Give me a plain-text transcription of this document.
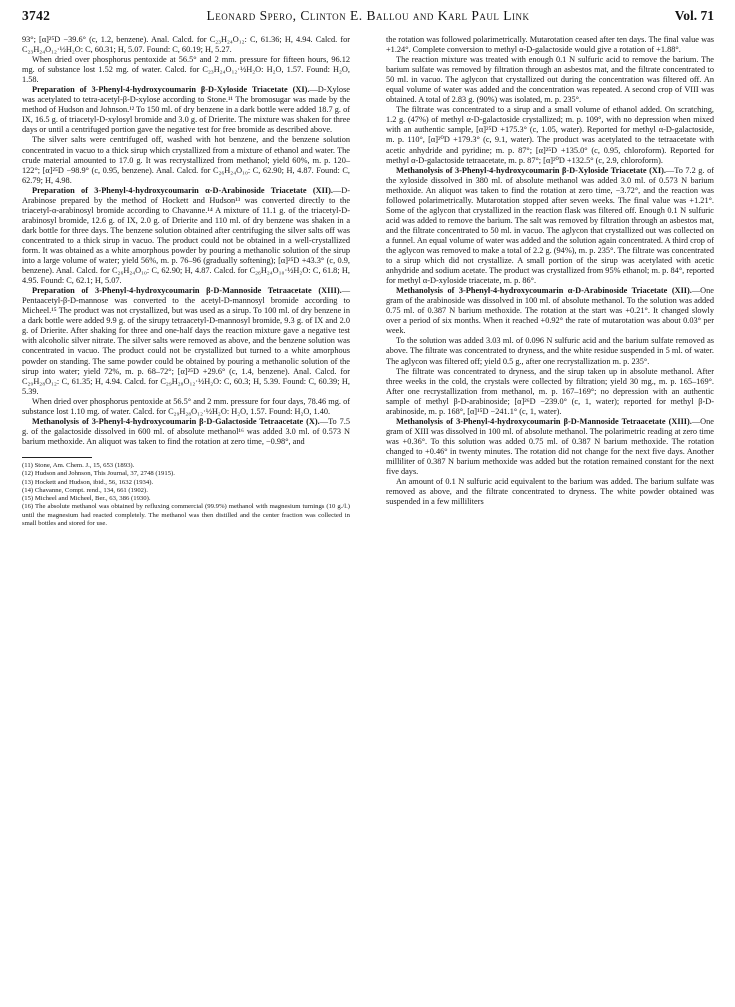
3742	Leonard Spero, Clinton E. Ballou and Karl Paul Link	Vol. 71

93°; [α]²⁵D −39.6° (c, 1.2, benzene). Anal. Calcd. for C₂₃H₂₄O₁₂: C, 61.36; H, 4.94. Calcd. for C₂₃H₂₄O₁₂·½H₂O: C, 60.31; H, 5.07. Found: C, 60.19; H, 5.27.

When dried over phosphorus pentoxide at 56.5° and 2 mm. pressure for fifteen hours, 96.12 mg. of substance lost 1.52 mg. of water. Calcd. for C₂₃H₂₄O₁₂·½H₂O: H₂O, 1.57. Found: H₂O, 1.58.

Preparation of 3-Phenyl-4-hydroxycoumarin β-D-Xyloside Triacetate (XI).—D-Xylose was acetylated to tetra-acetyl-β-D-xylose according to Stone.¹¹ The bromosugar was made by the method of Hudson and Johnson.¹² To 150 ml. of dry benzene in a dark bottle were added 18.7 g. of IX, 16.5 g. of triacetyl-D-xylosyl bromide and 3.0 g. of Drierite. The mixture was shaken for three days or until a centrifuged portion gave the negative test for free bromide as described above.

The silver salts were centrifuged off, washed with hot benzene, and the benzene solution concentrated in vacuo to a thick sirup which crystallized from a mixture of ethanol and water. The crude material amounted to 17.0 g. It was recrystallized from methanol; yield 60%, m. p. 120–122°; [α]²⁵D −98.9° (c, 0.95, benzene). Anal. Calcd. for C₂₆H₂₄O₁₀: C, 62.90; H, 4.87. Found: C, 62.79; H, 4.98.

Preparation of 3-Phenyl-4-hydroxycoumarin α-D-Arabinoside Triacetate (XII).—D-Arabinose prepared by the method of Hockett and Hudson¹³ was converted directly to the triacetyl-α-arabinosyl bromide according to Chavanne.¹⁴ A mixture of 11.1 g. of the triacetyl-D-arabinosyl bromide, 12.6 g. of IX, 2.0 g. of Drierite and 110 ml. of dry benzene was shaken in a dark bottle for three days. The benzene solution obtained after centrifuging the silver salts off was concentrated to a thick sirup in vacuo. The product could not be obtained in a well-crystallized form. It was obtained as a white amorphous powder by pouring a methanolic solution of the sirup into a large volume of water; yield 56%, m. p. 76–96 (gradually softening); [α]²⁵D +43.3° (c, 0.9, benzene). Anal. Calcd. for C₂₆H₂₄O₁₀: C, 62.90; H, 4.87. Calcd. for C₂₆H₂₄O₁₀·½H₂O: C, 61.8; H, 4.95. Found: C, 62.1; H, 5.07.

Preparation of 3-Phenyl-4-hydroxycoumarin β-D-Mannoside Tetraacetate (XIII).—Pentaacetyl-β-D-mannose was converted to the acetyl-D-mannosyl bromide according to Micheel.¹⁵ The product was not crystallized, but was used as a sirup. To 100 ml. of dry benzene in a dark bottle were added 9.9 g. of the sirupy tetraacetyl-D-mannosyl bromide, 9.3 g. of IX and 2.0 g. of Drierite. After shaking for three and one-half days the reaction mixture gave a negative test with alcoholic silver nitrate. The silver salts were removed as above, and the benzene solution was concentrated in vacuo. The product could not be crystallized but turned to a white amorphous powder on standing. The same powder could be obtained by pouring a methanolic solution of the sirup into water; yield 72%, m. p. 68–72°; [α]²⁵D +29.6° (c, 1.4, benzene). Anal. Calcd. for C₂₉H₂₈O₁₂: C, 61.35; H, 4.94. Calcd. for C₂₉H₂₈O₁₂·½H₂O: C, 60.3; H, 5.39. Found: C, 60.39; H, 5.39.

When dried over phosphorus pentoxide at 56.5° and 2 mm. pressure for four days, 78.46 mg. of substance lost 1.10 mg. of water. Calcd. for C₂₉H₂₈O₁₂·½H₂O: H₂O, 1.57. Found: H₂O, 1.40.

Methanolysis of 3-Phenyl-4-hydroxycoumarin β-D-Galactoside Tetraacetate (X).—To 7.5 g. of the galactoside dissolved in 600 ml. of absolute methanol¹⁶ was added 3.0 ml. of 0.573 N barium methoxide. An aliquot was taken to find the rotation at zero time, −0.98°, and

(11) Stone, Am. Chem. J., 15, 653 (1893).
(12) Hudson and Johnson, This Journal, 37, 2748 (1915).
(13) Hockett and Hudson, ibid., 56, 1632 (1934).
(14) Chavanne, Compt. rend., 134, 661 (1902).
(15) Micheel and Micheel, Ber., 63, 386 (1930).
(16) The absolute methanol was obtained by refluxing commercial (99.9%) methanol with magnesium turnings (10 g./l.) until the magnesium had reacted completely. The methanol was then distilled and the center fraction was collected in small bottles and stored for use.

the rotation was followed polarimetrically. Mutarotation ceased after ten days. The final value was +1.24°. Complete conversion to methyl α-D-galactoside would give a rotation of +1.88°.

The reaction mixture was treated with enough 0.1 N sulfuric acid to remove the barium. The barium sulfate was removed by filtration through an asbestos mat, and the filtrate concentrated to 50 ml. in vacuo. The aglycon that crystallized out during the concentration was filtered off. An equal volume of water was added and the concentration was repeated. A second crop of VIII was obtained. A total of 2.83 g. (90%) was isolated, m. p. 235°.

The filtrate was concentrated to a sirup and a small volume of ethanol added. On scratching, 1.2 g. (47%) of methyl α-D-galactoside crystallized; m. p. 109°, with no depression when mixed with an authentic sample, [α]²⁵D +175.3° (c, 1.05, water). Reported for methyl α-D-galactoside, m. p. 110°, [α]²⁰D +179.3° (c, 9.1, water). The product was acetylated to the tetraacetate with acetic anhydride and pyridine; m. p. 87°; [α]²⁵D +135.0° (c, 0.95, chloroform). Reported for methyl α-D-galactoside tetraacetate, m. p. 87°; [α]²⁰D +132.5° (c, 2.9, chloroform).

Methanolysis of 3-Phenyl-4-hydroxycoumarin β-D-Xyloside Triacetate (XI).—To 7.2 g. of the xyloside dissolved in 380 ml. of absolute methanol was added 3.0 ml. of 0.573 N barium methoxide. An aliquot was taken to find the rotation at zero time, −3.72°, and the reaction was followed polarimetrically. Mutarotation stopped after seven weeks. The final value was +1.21°. Some of the aglycon that crystallized in the reaction flask was filtered off. Enough 0.1 N sulfuric acid was added to remove the barium. The salt was removed by filtration through an asbestos mat, and the filtrate concentrated to 50 ml. in vacuo. The aglycon that crystallized out was collected on a funnel. An equal volume of water was added and the solution again concentrated. A third crop of the aglycon was removed to make a total of 2.2 g. (94%), m. p. 235°. The filtrate was concentrated to a sirup which did not crystallize. A small portion of the sirup was acetylated with acetic anhydride and sodium acetate. The product was crystallized from 95% ethanol; m. p. 84°, reported for methyl α-D-xyloside triacetate, m. p. 86°.

Methanolysis of 3-Phenyl-4-hydroxycoumarin α-D-Arabinoside Triacetate (XII).—One gram of the arabinoside was dissolved in 100 ml. of absolute methanol. To the solution was added 0.75 ml. of 0.387 N barium methoxide. The rotation at the start was +0.21°. It changed slowly over a period of six months. When it reached +0.92° the rate of mutarotation was about 0.03° per week.

To the solution was added 3.03 ml. of 0.096 N sulfuric acid and the barium sulfate removed as above. The filtrate was concentrated to dryness, and the white residue suspended in 5 ml. of water. The aglycon was filtered off; yield 0.5 g., after one recrystallization m. p. 235°.

The filtrate was concentrated to dryness, and the sirup taken up in absolute methanol. After three weeks in the cold, the crystals were collected by filtration; yield 30 mg., m. p. 165–169°. After one recrystallization from methanol, m. p. 167–169°; no depression with an authentic sample of methyl β-D-arabinoside; [α]²⁶D −239.0° (c, 1, water); reported for methyl β-D-arabinoside, m. p. 168°, [α]¹⁵D −241.1° (c, 1, water).

Methanolysis of 3-Phenyl-4-hydroxycoumarin β-D-Mannoside Tetraacetate (XIII).—One gram of XIII was dissolved in 100 ml. of absolute methanol. The polarimetric reading at zero time was +0.36°. To this solution was added 0.75 ml. of 0.387 N barium methoxide. The rotation changed to +0.46° in twenty minutes. The rotation did not change for the next five days. Another milliliter of 0.387 N barium methoxide was added but the rotation remained constant for the next five days.

An amount of 0.1 N sulfuric acid equivalent to the barium was added. The barium sulfate was removed as above, and the filtrate concentrated to dryness. The white powder obtained was suspended in a few milliliters
